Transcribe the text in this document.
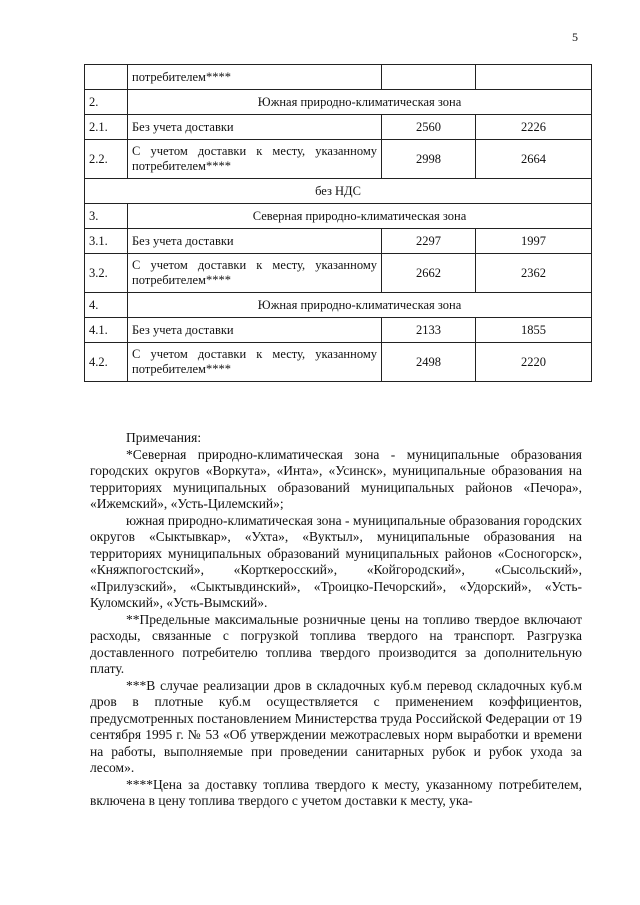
5
	потребителем****		
2.	Южная природно-климатическая зона		
2.1.	Без учета доставки	2560	2226
2.2.	С учетом доставки к месту, указанному потребителем****	2998	2664
без НДС			
3.	Северная природно-климатическая зона		
3.1.	Без учета доставки	2297	1997
3.2.	С учетом доставки к месту, указанному потребителем****	2662	2362
4.	Южная природно-климатическая зона		
4.1.	Без учета доставки	2133	1855
4.2.	С учетом доставки к месту, указанному потребителем****	2498	2220

Примечания:

*Северная природно-климатическая зона - муниципальные образования городских округов «Воркута», «Инта», «Усинск», муниципальные образования на территориях муниципальных образований муниципальных районов «Печора», «Ижемский», «Усть-Цилемский»;

южная природно-климатическая зона - муниципальные образования городских округов «Сыктывкар», «Ухта», «Вуктыл», муниципальные образования на территориях муниципальных образований муниципальных районов «Сосногорск», «Княжпогостский», «Корткеросский», «Койгородский», «Сысольский», «Прилузский», «Сыктывдинский», «Троицко-Печорский», «Удорский», «Усть-Куломский», «Усть-Вымский».

**Предельные максимальные розничные цены на топливо твердое включают расходы, связанные с погрузкой топлива твердого на транспорт. Разгрузка доставленного потребителю топлива твердого производится за дополнительную плату.

***В случае реализации дров в складочных куб.м перевод складочных куб.м дров в плотные куб.м осуществляется с применением коэффициентов, предусмотренных постановлением Министерства труда Российской Федерации от 19 сентября 1995 г. № 53 «Об утверждении межотраслевых норм выработки и времени на работы, выполняемые при проведении санитарных рубок и рубок ухода за лесом».

****Цена за доставку топлива твердого к месту, указанному потребителем, включена в цену топлива твердого с учетом доставки к месту, ука-
